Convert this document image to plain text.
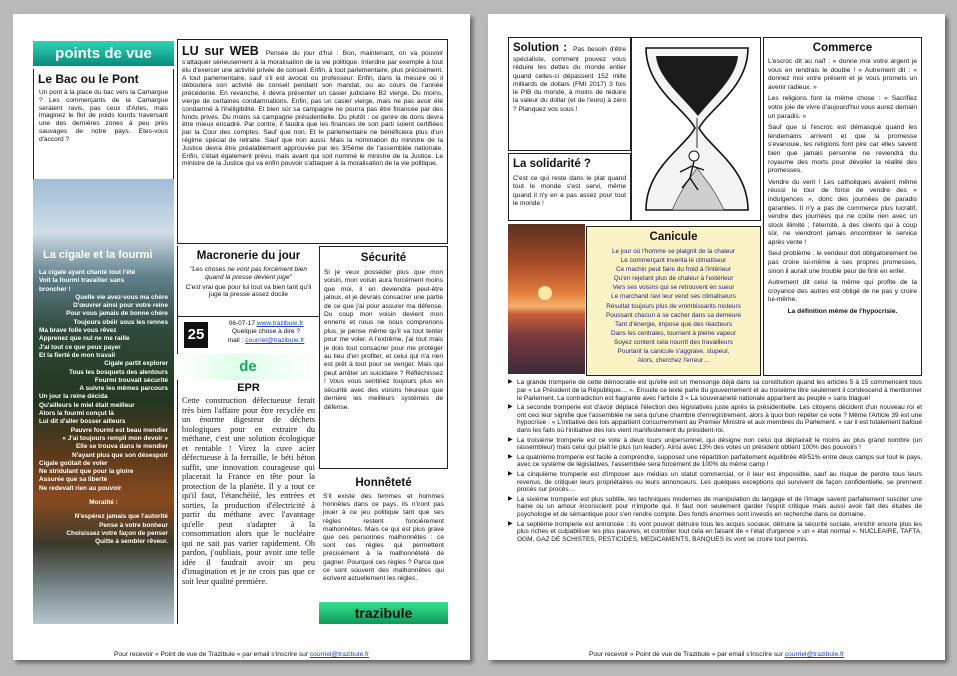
points de vue
Le Bac ou le Pont
Un pont à la place du bac vers la Camargue ? Les commerçants de la Camargue seraient ravis, pas ceux d'Arles, mais imaginez le flot de poids lourds traversant une des dernières zones à peu près sauvages de notre pays. Etes-vous d'accord ?
La cigale et la fourmi
La cigale ayant chanté tout l'été
Voit la fourmi travailler sans
broncher !
Quelle vie avez-vous ma chère
D'œuvrer ainsi pour votre reine
Pour vous jamais de bonne chère
Toujours obéir sous les rennes
Ma brave folle vous rêvez
Apprenez que nul ne me raille
J'ai tout ce que peux payer
Et la fierté de mon travail
Cigale partit explorer
Tous les bosquets des alentours
Fourmi trouvait sécurité
A suivre les mêmes parcours
Un jour la reine décida
Qu'ailleurs le miel était meilleur
Alors la fourmi conçut là
Lui dit d'aller bosser ailleurs
Pauvre fourmi est beau mendier
« J'ai toujours rempli mon devoir »
Elle se trouva dans le mendier
N'ayant plus que son désespoir
Cigale goûtait de voler
Ne stridulant que pour la gloire
Assurée que sa liberté
Ne redevait rien au pouvoir
Moralité :
N'espérez jamais que l'autorité
Pense à votre bonheur
Choisissez votre façon de penser
Quitte à sembler rêveur.
LU sur WEB Pensée du jour d'hui : Bon, maintenant, on va pouvoir s'attaquer sérieusement à la moralisation de la vie politique. Interdire par exemple à tout élu d'exercer une activité privée de conseil. Enfin, à tout parlementaire, plus précisément. A tout parlementaire, sauf s'il est avocat ou professeur. Enfin, dans la mesure où il déboutera son activité de conseil pendant son mandat, ou au cours de l'année précédente. En revanche, il devra présenter un casier judiciaire B2 vierge. Du moins, vierge de certaines condamnations. Enfin, pas un casier vierge, mais ne pas avoir été condamné à l'inéligibilité. Et bien sûr sa campagne ne pourra pas être financée par des fonds privés. Du moins sa campagne présidentielle. Du plutôt : ce genre de dons devra être mieux encadré. Par contre, il faudra que les finances de son parti soient certifiées par la Cour des comptes. Sauf que non. Et le parlementaire ne bénéficiera plus d'un régime spécial de retraite. Sauf que non aussi. Mais la nomination du ministre de la Justice devra être préalablement approuvée par les 3/5ème de l'assemblée nationale. Enfin, c'était également prévu, mais avant qui soit nommé le ministre de la Justice. Le ministre de la Justice qui va enfin pouvoir s'attaquer à la moralisation de la vie politique.
Macronerie du jour
"Les choses ne vont pas forcément bien quand la presse devient juge"
C'est vrai que pour lui tout va bien tant qu'il juge la presse assez docile
25
06-07-17 www.trazibule.fr
Quelque chose à dire ?
mail : courriel@trazibule.fr
de
EPR
Cette construction défectueuse ferait très bien l'affaire pour être recyclée en un énorme digesteur de déchets biologiques pour en extraire du méthane, c'est une solution écologique et rentable ! Virez la cuve acier défectueuse à la ferraille, le béti béton suffit, une innovation courageuse qui placerait la France en tête pour la protection de la planète. Il y a tout ce qu'il faut, l'étanchéité, les entrées et sorties, la production d'électricité à partir du méthane avec l'avantage qu'elle peut s'adapter à la consommation alors que le nucléaire qui ne sait pas varier rapidement. Oh pardon, j'oubliais, pour avoir une telle idée il faudrait avoir un peu d'imagination et je ne crois pas que ce soit leur qualité première.
Sécurité
Si je veux posséder plus que mon voisin, mon voisin aura forcément moins que moi, il en deviendra peut-être jaloux, et je devrais consacrer une partie de ce que j'ai pour assurer ma défense. Du coup mon voisin devient mon ennemi et nous ne nous comprenons plus, je pense même qu'il va tout tenter pour me voler. A l'extrême, j'ai tout mais je dois tout consacrer pour me protéger au lieu d'en profiter, et celui qui n'a rien est prêt à tout pour se venger. Mais qui peut arrêter un suicidaire ? Réfléchissez ! Vous vous sentiriez toujours plus en sécurité avec des voisins heureux que derrière les meilleurs systèmes de défense.
Honnêteté
S'il existe des femmes et hommes honnêtes dans ce pays, ils n'iront pas jouer à ce jeu politique tant que ses règles restent foncièrement malhonnêtes. Mais ce qui est plus grave que ces personnes malhonnêtes : ce sont ces règles qui permettent précisément à la malhonnêteté de gagner. Pourquoi ces règles ? Parce que ce sont souvent des malhonnêtes qui écrivent actuellement les règles.
trazibule
Pour recevoir « Point de vue de Trazibule » par email s'inscrire sur courriel@trazibule.fr
Solution : Pas besoin d'être spécialiste, comment pouvez vous réduire les dettes du monde entier quand celles-ci dépassent 152 mille milliards de dollars (FMI 2017) 3 fois le PIB du monde, à moins de réduire la valeur du dollar (et de l'euro) à zéro ? Planquez vos sous !
La solidarité ?
C'est ce qui reste dans le plat quand tout le monde s'est servi, même quand il n'y en a pas assez pour tout le monde !
Canicule
Le jour où l'homme se plaignit de la chaleur
Le commerçant inventa le climatiseur
Ce machin peut faire du froid à l'intérieur
Qu'en rejetant plus de chaleur à l'extérieur
Vers ses voisins qui se retrouvent en sueur
Le marchand ravi leur vend ses climatiseurs
Résultat toujours plus de vrombissants moteurs
Poussant chacun à se cacher dans sa demeure
Tant d'énergie, impose que des réacteurs
Dans les centrales, tournent à pleine vapeur
Soyez content cela nourrit des travailleurs
Pourtant la canicule s'aggrave, stupeur,
Alors, cherchez l'erreur…
Commerce

L'escroc dit au naïf : « donne moi votre argent je vous en rendrais le double ! » Autrement dit : « donnez moi votre présent et je vous promets un avenir radieux. »

Les religions font la même chose : « Sacrifiez votre joie de vivre d'aujourd'hui vous aurez demain un paradis. »

Sauf que si l'escroc est démasqué quand les lendemains arrivent et que la promesse s'évanouie, les religions font pire car elles savent bien que jamais personne ne reviendra du royaume des morts pour dévoiler la réalité des promesses.

Vendre du vent ! Les catholiques avaient même réussi le tour de force de vendre des « indulgences », donc des journées de paradis garanties. Il n'y a pas de commerce plus lucratif, vendre des journées qui ne coûte rien avec un stock illimité ; l'éternité, à des clients qui à coup sûr, ne viendront jamais encombrer le service après vente !

Seul problème : le vendeur doit obligatoirement ne pas croire lui-même à ses propres promesses, sinon il aurait une trouble peur de finir en enfer.

Autrement dit celui la même qui profite de la croyance des autres est obligé de ne pas y croire lui-même.

La définition même de l'hypocrisie.
▶ La grande tromperie de cette démocratie est qu'elle est un mensonge déjà dans sa constitution quand les articles 5 à 15 commencent tous par « Le Président de la République… ». Ensuite ce texte parle du gouvernement et au troisième titre seulement il condescend à mentionner le Parlement. La contradiction est flagrante avec l'article 3 « La souveraineté nationale appartient au peuple » sans blague!
▶ La seconde tromperie est d'avoir déplacé l'élection des législatives juste après la présidentielle. Les citoyens décident d'un nouveau roi et ont ceci leur signifie que l'assemblée ne sera qu'une chambre d'enregistrement, alors à quoi bon répéter ce vote ? Même l'Article 39 est une hypocrisie : « L'initiative des lois appartient concurremment au Premier Ministre et aux membres du Parlement. » car il est totalement bafoué dans les faits où l'initiative des lois vient manifestement du président-roi.
▶ La troisième tromperie est ce vote à deux tours unipersonnel, qui désigne non celui qui déplairait le moins au plus grand nombre (un rassembleur) mais celui qui plaît le plus (un leader). Ainsi avec 13% des votes un président obtient 100% des pouvoirs !
▶ La quatrième tromperie est facile à comprendre, supposez une répartition parfaitement équilibrée 49/51% entre deux camps sur tout le pays, avec ce système de législatives, l'assemblée sera forcément de 100% du même camp !
▶ La cinquième tromperie est d'imposer aux médias un statut commercial, or il leur est impossible, sauf au risque de perdre tous leurs revenus, de critiquer leurs propriétaires ou leurs annonceurs. Les quelques exceptions qui survivent de façon confidentielle, se prennent procès sur procès…
▶ La sixième tromperie est plus subtile, les techniques modernes de manipulation du langage et de l'image savent parfaitement susciter une haine ou un amour inconscient pour n'importe qui. Il faut non seulement garder l'esprit critique mais aussi avoir fait des études de psychologie et de sémantique pour s'en rendre compte. Des fonds énormes sont investis en recherche dans ce domaine.
▶ La septième tromperie est annoncée : ils vont pouvoir détruire tous les acquis sociaux, détruire la sécurité sociale, enrichir encore plus les plus riches et culpabiliser les plus pauvres, et contrôler tout cela en faisant de « l'état d'urgence » un « état normal ». NUCLEAIRE, TAFTA, OGM, GAZ DE SCHISTES, PESTICIDES, MEDICAMENTS, BANQUES ils vont se croire tout permis.
Pour recevoir « Point de vue de Trazibule » par email s'inscrire sur courriel@trazibule.fr
